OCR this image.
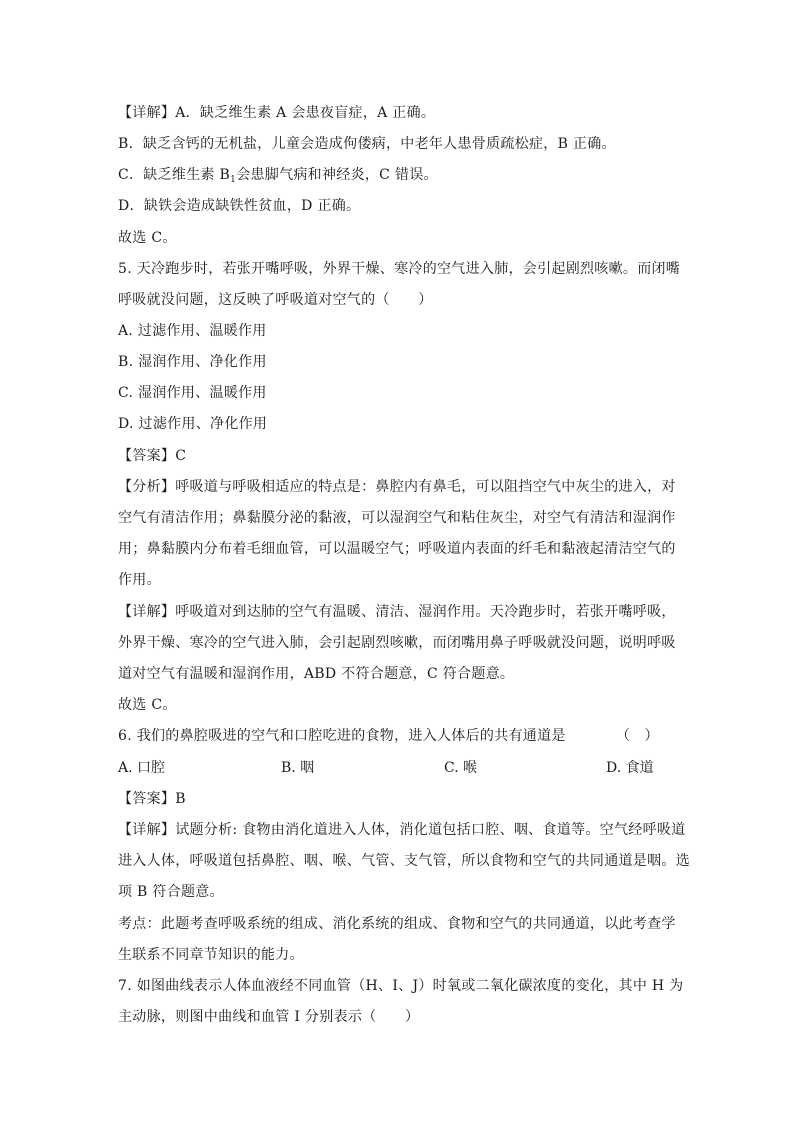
【详解】A．缺乏维生素 A 会患夜盲症，A 正确。
B．缺乏含钙的无机盐，儿童会造成佝偻病，中老年人患骨质疏松症，B 正确。
C．缺乏维生素 $B_1$会患脚气病和神经炎，C 错误。
D．缺铁会造成缺铁性贫血，D 正确。
故选 C。
5. 天冷跑步时，若张开嘴呼吸，外界干燥、寒冷的空气进入肺，会引起剧烈咳嗽。而闭嘴
呼吸就没问题，这反映了呼吸道对空气的（　　）
A. 过滤作用、温暖作用
B. 湿润作用、净化作用
C. 湿润作用、温暖作用
D. 过滤作用、净化作用
【答案】C
【分析】呼吸道与呼吸相适应的特点是：鼻腔内有鼻毛，可以阻挡空气中灰尘的进入，对
空气有清洁作用；鼻黏膜分泌的黏液，可以湿润空气和粘住灰尘，对空气有清洁和湿润作
用；鼻黏膜内分布着毛细血管，可以温暖空气；呼吸道内表面的纤毛和黏液起清洁空气的
作用。
【详解】呼吸道对到达肺的空气有温暖、清洁、湿润作用。天冷跑步时，若张开嘴呼吸，
外界干燥、寒冷的空气进入肺，会引起剧烈咳嗽，而闭嘴用鼻子呼吸就没问题，说明呼吸
道对空气有温暖和湿润作用，ABD 不符合题意，C 符合题意。
故选 C。
6. 我们的鼻腔吸进的空气和口腔吃进的食物，进入人体后的共有通道是　　　　（　）
A. 口腔	B. 咽	C. 喉	D. 食道
【答案】B
【详解】试题分析: 食物由消化道进入人体，消化道包括口腔、咽、食道等。空气经呼吸道
进入人体，呼吸道包括鼻腔、咽、喉、气管、支气管，所以食物和空气的共同通道是咽。选
项 B 符合题意。
考点：此题考查呼吸系统的组成、消化系统的组成、食物和空气的共同通道，以此考查学
生联系不同章节知识的能力。
7. 如图曲线表示人体血液经不同血管（H、I、J）时氧或二氧化碳浓度的变化，其中 H 为
主动脉，则图中曲线和血管 I 分别表示（　　）
